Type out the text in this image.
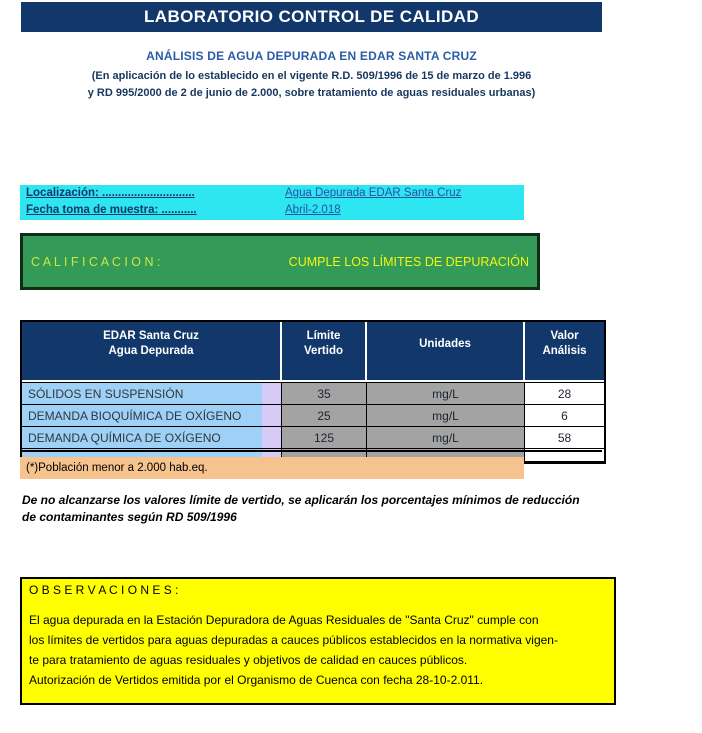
LABORATORIO CONTROL DE CALIDAD
ANÁLISIS DE AGUA DEPURADA EN EDAR SANTA CRUZ
(En aplicación de lo establecido en el vigente R.D. 509/1996 de 15 de marzo de 1.996
y RD 995/2000 de 2 de junio de 2.000, sobre tratamiento de aguas residuales urbanas)
Localización: .............................	Agua Depurada EDAR Santa Cruz
Fecha toma de muestra: ...........	Abril-2.018
C A L I F I C A C I O N :	CUMPLE LOS LÍMITES DE DEPURACIÓN
EDAR Santa Cruz
Agua Depurada

Límite
Vertido

Unidades

Valor
Análisis

SÓLIDOS EN SUSPENSIÓN		35	mg/L	28
DEMANDA BIOQUÍMICA DE OXÍGENO		25	mg/L	6
DEMANDA QUÍMICA DE OXÍGENO		125	mg/L	58

(*)Población menor a 2.000 hab.eq.
De no alcanzarse los valores límite de vertido, se aplicarán los porcentajes mínimos de reducción
de contaminantes según RD 509/1996
O B S E R V A C I O N E S :
El agua depurada en la Estación Depuradora de Aguas Residuales de "Santa Cruz" cumple con
los límites de vertidos para aguas depuradas a cauces públicos establecidos en la normativa vigen-
te para tratamiento de aguas residuales y objetivos de calidad en cauces públicos.
Autorización de Vertidos emitida por el Organismo de Cuenca con fecha 28-10-2.011.
